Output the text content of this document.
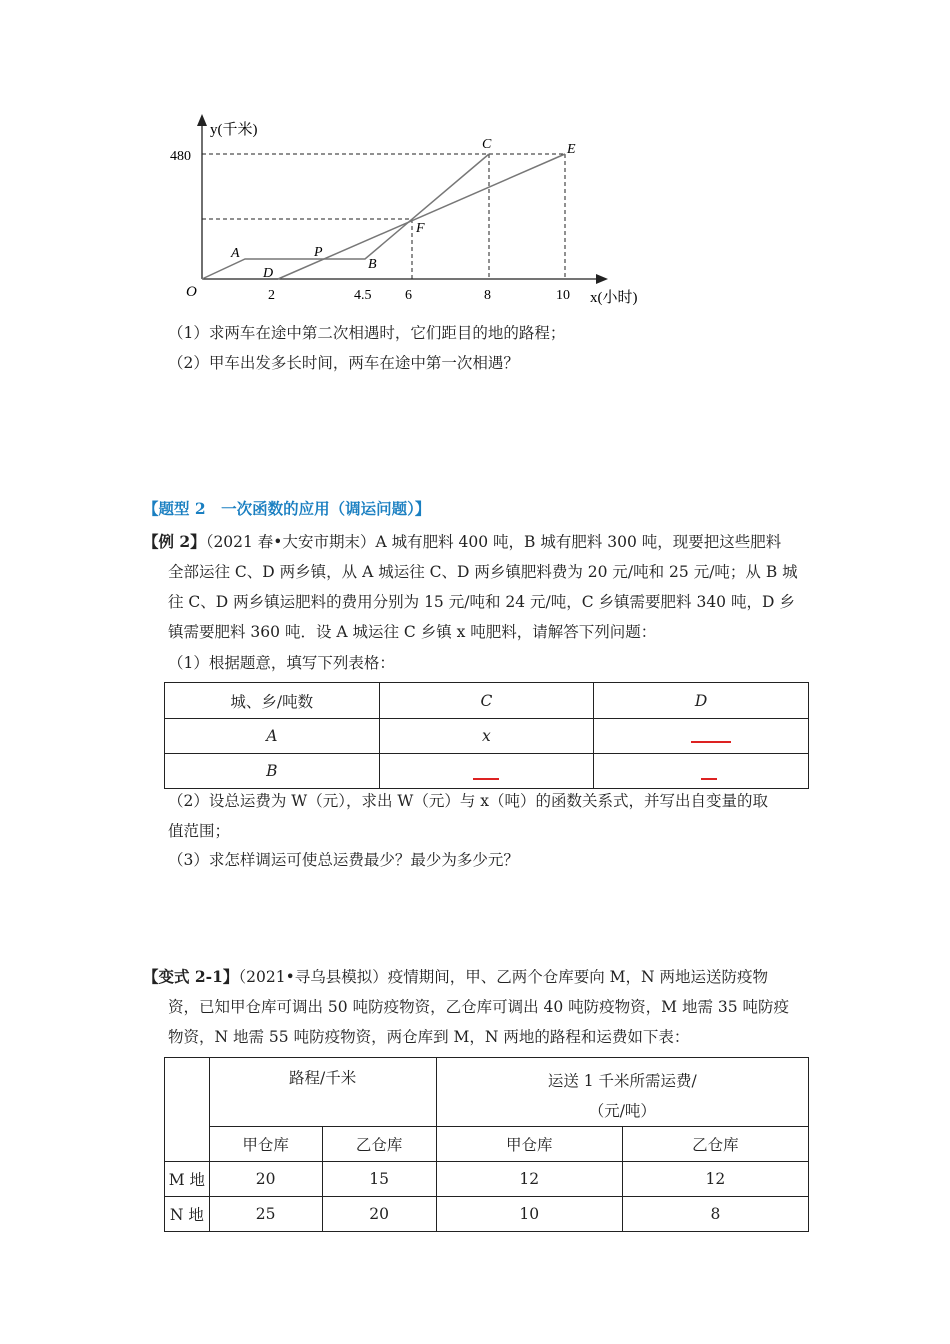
y(千米)
480
O	2	4.5 6	8	10 x(小时)
A	P
D
B
F
C	E
（1）求两车在途中第二次相遇时，它们距目的地的路程；
（2）甲车出发多长时间，两车在途中第一次相遇？
【题型 2　一次函数的应用（调运问题）】
【例 2】（2021 春•大安市期末）A 城有肥料 400 吨，B 城有肥料 300 吨，现要把这些肥料
全部运往 C、D 两乡镇，从 A 城运往 C、D 两乡镇肥料费为 20 元/吨和 25 元/吨；从 B 城
往 C、D 两乡镇运肥料的费用分别为 15 元/吨和 24 元/吨，C 乡镇需要肥料 340 吨，D 乡
镇需要肥料 360 吨．设 A 城运往 C 乡镇 x 吨肥料，请解答下列问题：
（1）根据题意，填写下列表格：
城、乡/吨数	C	D
A	x	
B		
（2）设总运费为 W（元），求出 W（元）与 x（吨）的函数关系式，并写出自变量的取
值范围；
（3）求怎样调运可使总运费最少？最少为多少元？
【变式 2-1】（2021•寻乌县模拟）疫情期间，甲、乙两个仓库要向 M，N 两地运送防疫物
资，已知甲仓库可调出 50 吨防疫物资，乙仓库可调出 40 吨防疫物资，M 地需 35 吨防疫
物资，N 地需 55 吨防疫物资，两仓库到 M，N 两地的路程和运费如下表：
	路程/千米		运送 1 千米所需运费/
（元/吨）	

	甲仓库	乙仓库	甲仓库	乙仓库
M 地	20	15	12	12
N 地	25	20	10	8
